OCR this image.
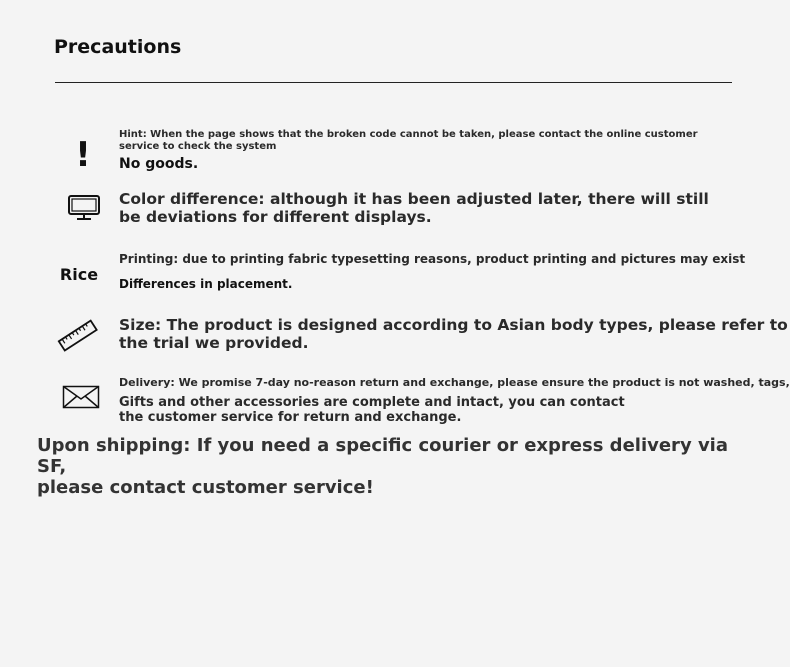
Precautions
!
Hint: When the page shows that the broken code cannot be taken, please contact the online customer service to check the system
No goods.
Color difference: although it has been adjusted later, there will still
be deviations for different displays.
Rice
Printing: due to printing fabric typesetting reasons, product printing and pictures may exist
Differences in placement.
Size: The product is designed according to Asian body types, please refer to
the trial we provided.
Delivery: We promise 7-day no-reason return and exchange, please ensure the product is not washed, tags,
Gifts and other accessories are complete and intact, you can contact
the customer service for return and exchange.
Upon shipping: If you need a specific courier or express delivery via SF,
please contact customer service!
